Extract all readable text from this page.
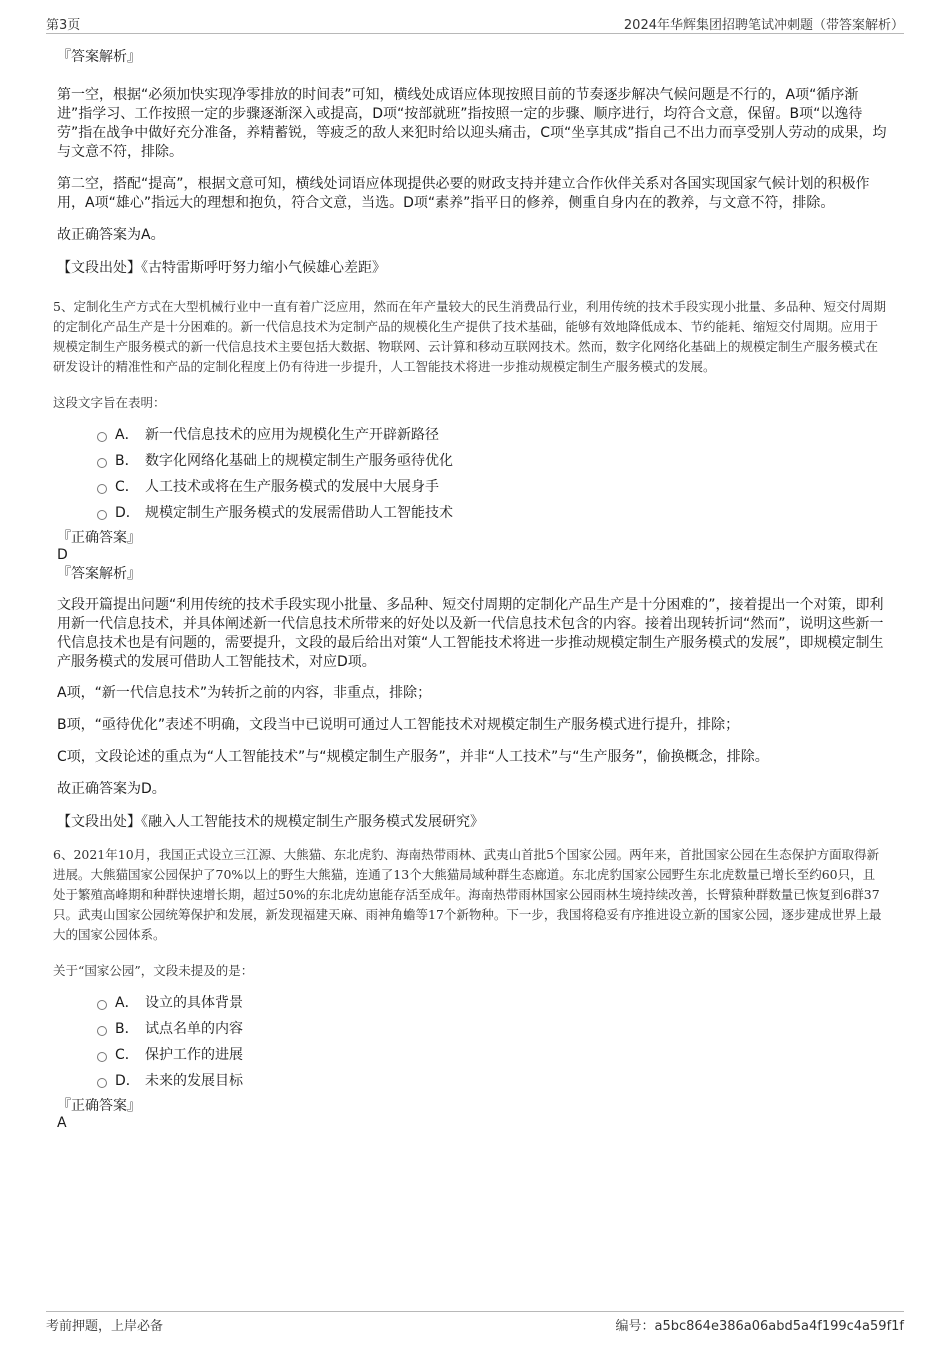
第3页	2024年华辉集团招聘笔试冲刺题（带答案解析）

『答案解析』

第一空，根据“必须加快实现净零排放的时间表”可知，横线处成语应体现按照目前的节奏逐步解决气候问题是不行的，A项“循序渐进”指学习、工作按照一定的步骤逐渐深入或提高，D项“按部就班”指按照一定的步骤、顺序进行，均符合文意，保留。B项“以逸待劳”指在战争中做好充分准备，养精蓄锐，等疲乏的敌人来犯时给以迎头痛击，C项“坐享其成”指自己不出力而享受别人劳动的成果，均与文意不符，排除。

第二空，搭配“提高”，根据文意可知，横线处词语应体现提供必要的财政支持并建立合作伙伴关系对各国实现国家气候计划的积极作用，A项“雄心”指远大的理想和抱负，符合文意，当选。D项“素养”指平日的修养，侧重自身内在的教养，与文意不符，排除。

故正确答案为A。

【文段出处】《古特雷斯呼吁努力缩小气候雄心差距》

5、定制化生产方式在大型机械行业中一直有着广泛应用，然而在年产量较大的民生消费品行业，利用传统的技术手段实现小批量、多品种、短交付周期的定制化产品生产是十分困难的。新一代信息技术为定制产品的规模化生产提供了技术基础，能够有效地降低成本、节约能耗、缩短交付周期。应用于规模定制生产服务模式的新一代信息技术主要包括大数据、物联网、云计算和移动互联网技术。然而，数字化网络化基础上的规模定制生产服务模式在研发设计的精准性和产品的定制化程度上仍有待进一步提升，人工智能技术将进一步推动规模定制生产服务模式的发展。

这段文字旨在表明：

A． 新一代信息技术的应用为规模化生产开辟新路径
B． 数字化网络化基础上的规模定制生产服务亟待优化
C． 人工技术或将在生产服务模式的发展中大展身手
D． 规模定制生产服务模式的发展需借助人工智能技术

『正确答案』

D

『答案解析』

文段开篇提出问题“利用传统的技术手段实现小批量、多品种、短交付周期的定制化产品生产是十分困难的”，接着提出一个对策，即利用新一代信息技术，并具体阐述新一代信息技术所带来的好处以及新一代信息技术包含的内容。接着出现转折词“然而”，说明这些新一代信息技术也是有问题的，需要提升，文段的最后给出对策“人工智能技术将进一步推动规模定制生产服务模式的发展”，即规模定制生产服务模式的发展可借助人工智能技术，对应D项。

A项，“新一代信息技术”为转折之前的内容，非重点，排除；

B项，“亟待优化”表述不明确，文段当中已说明可通过人工智能技术对规模定制生产服务模式进行提升，排除；

C项，文段论述的重点为“人工智能技术”与“规模定制生产服务”，并非“人工技术”与“生产服务”，偷换概念，排除。

故正确答案为D。

【文段出处】《融入人工智能技术的规模定制生产服务模式发展研究》

6、2021年10月，我国正式设立三江源、大熊猫、东北虎豹、海南热带雨林、武夷山首批5个国家公园。两年来，首批国家公园在生态保护方面取得新进展。大熊猫国家公园保护了70%以上的野生大熊猫，连通了13个大熊猫局域种群生态廊道。东北虎豹国家公园野生东北虎数量已增长至约60只，且处于繁殖高峰期和种群快速增长期，超过50%的东北虎幼崽能存活至成年。海南热带雨林国家公园雨林生境持续改善，长臂猿种群数量已恢复到6群37只。武夷山国家公园统筹保护和发展，新发现福建天麻、雨神角蟾等17个新物种。下一步，我国将稳妥有序推进设立新的国家公园，逐步建成世界上最大的国家公园体系。

关于“国家公园”，文段未提及的是：

A． 设立的具体背景
B． 试点名单的内容
C． 保护工作的进展
D． 未来的发展目标

『正确答案』

A

考前押题，上岸必备	编号：a5bc864e386a06abd5a4f199c4a59f1f
